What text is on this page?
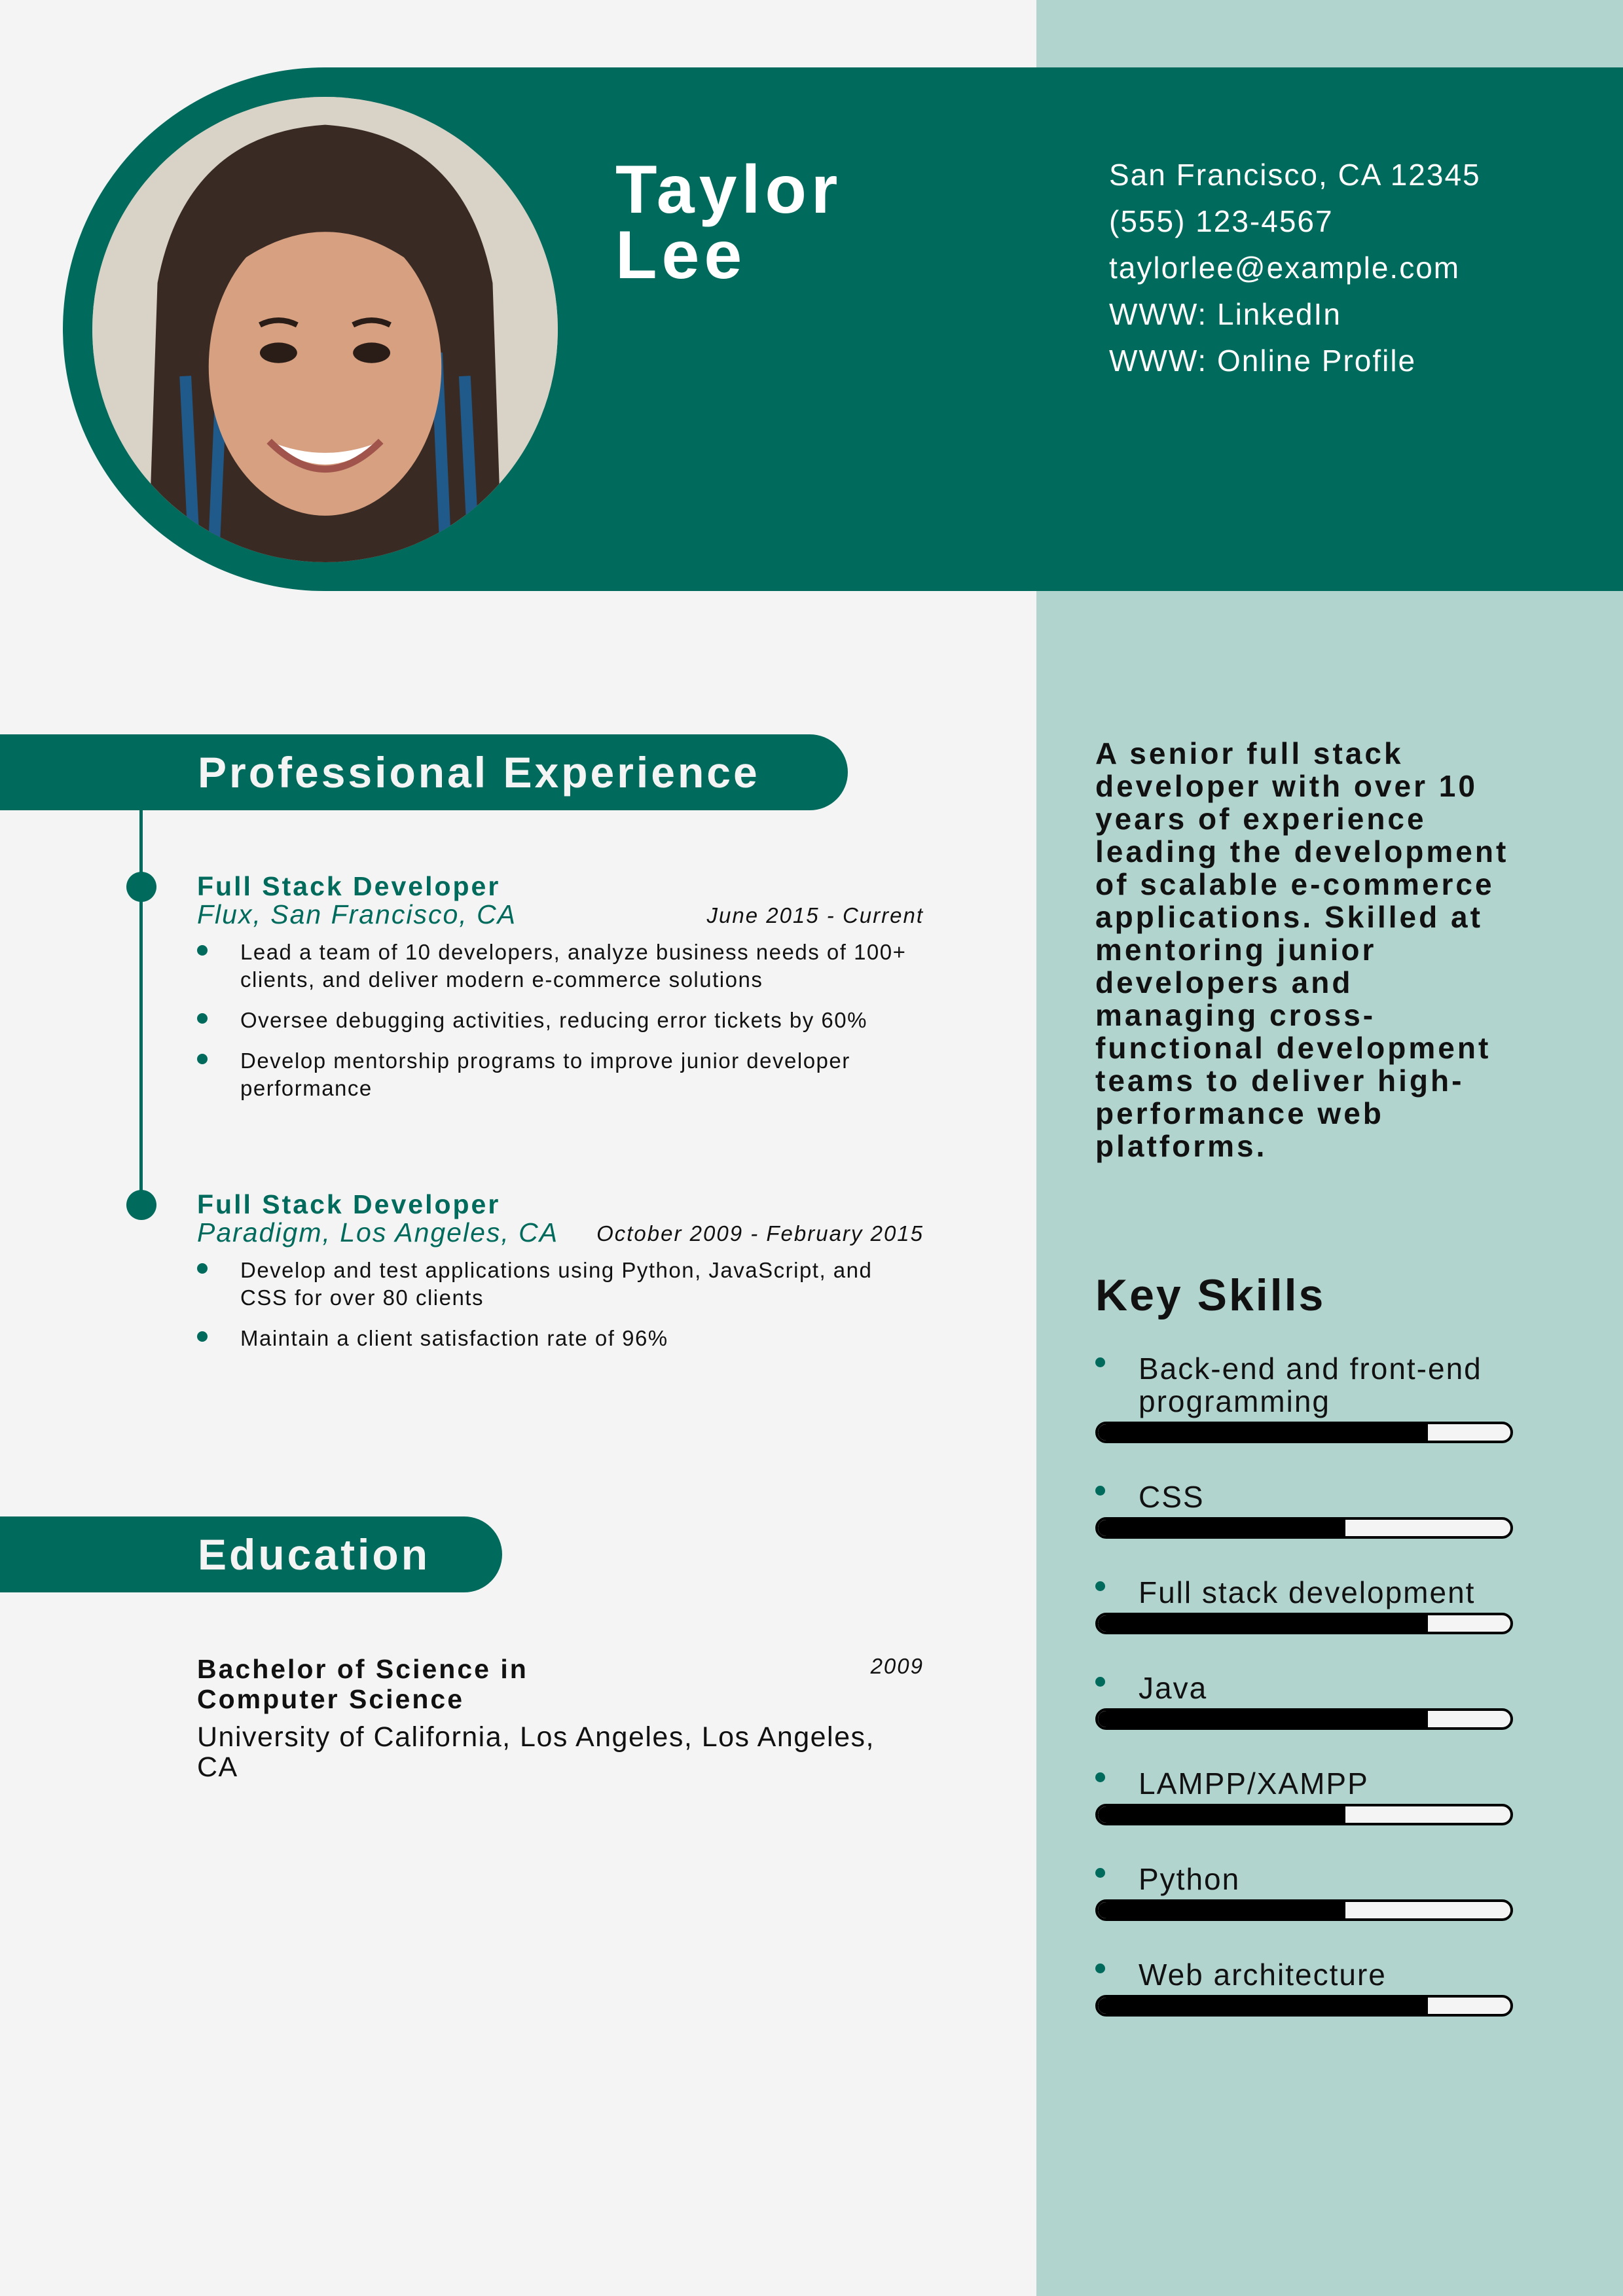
Taylor
Lee
San Francisco, CA 12345
(555) 123-4567
taylorlee@example.com
WWW: LinkedIn
WWW: Online Profile
Professional Experience
Full Stack Developer
Flux, San Francisco, CA	June 2015 - Current
Lead a team of 10 developers, analyze business needs of 100+ clients, and deliver modern e-commerce solutions
Oversee debugging activities, reducing error tickets by 60%
Develop mentorship programs to improve junior developer performance
Full Stack Developer
Paradigm, Los Angeles, CA October 2009 - February 2015
Develop and test applications using Python, JavaScript, and CSS for over 80 clients
Maintain a client satisfaction rate of 96%
Education
Bachelor of Science in Computer Science
2009
University of California, Los Angeles, Los Angeles, CA
A senior full stack developer with over 10 years of experience leading the development of scalable e-commerce applications. Skilled at mentoring junior developers and managing cross-functional development teams to deliver high-performance web platforms.
Key Skills
Back-end and front-end programming
CSS
Full stack development
Java
LAMPP/XAMPP
Python
Web architecture
